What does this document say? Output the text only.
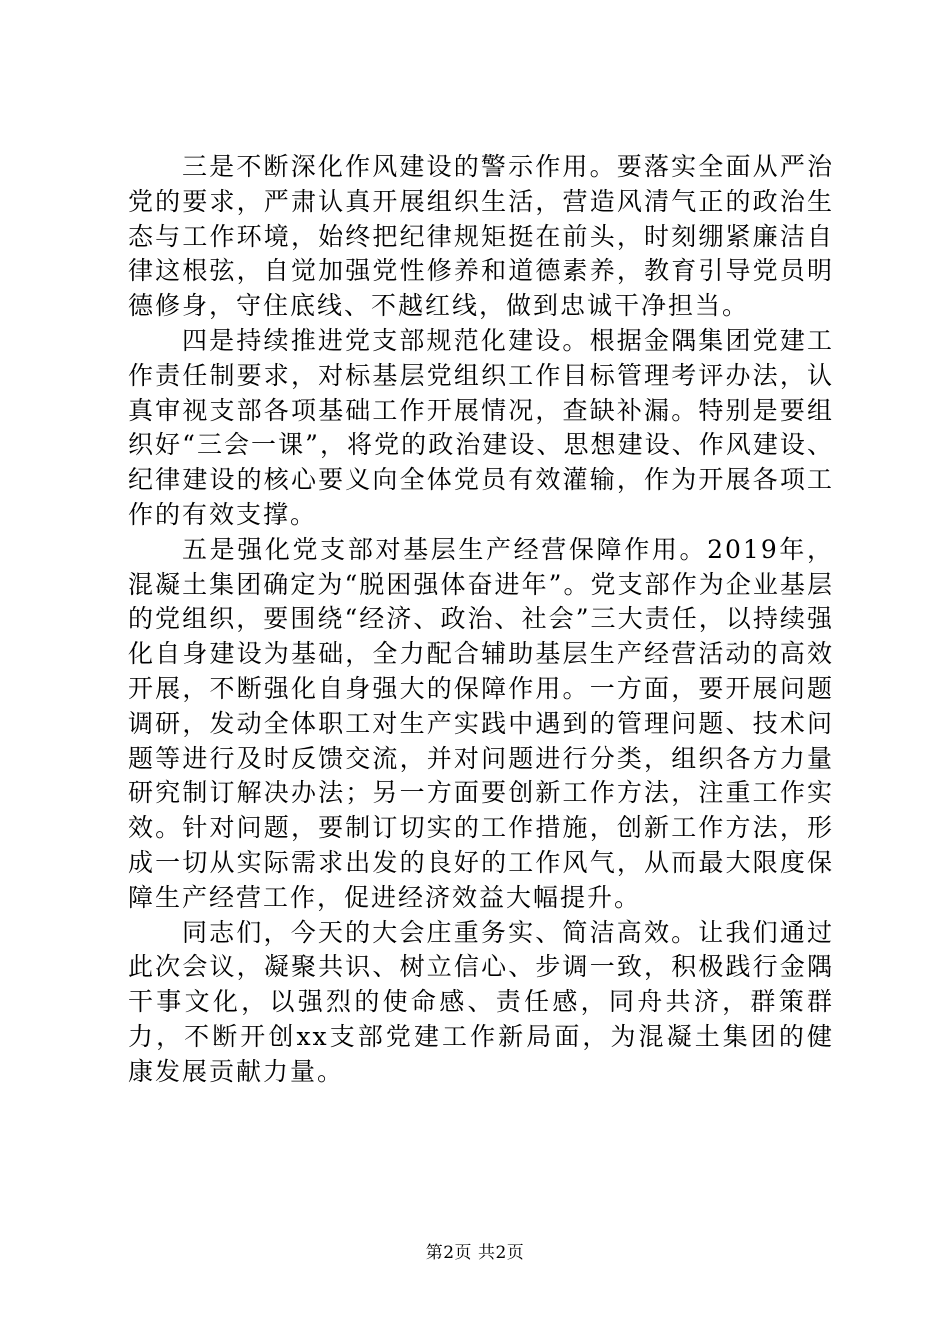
三是不断深化作风建设的警示作用。要落实全面从严治党的要求，严肃认真开展组织生活，营造风清气正的政治生态与工作环境，始终把纪律规矩挺在前头，时刻绷紧廉洁自律这根弦，自觉加强党性修养和道德素养，教育引导党员明德修身，守住底线、不越红线，做到忠诚干净担当。

四是持续推进党支部规范化建设。根据金隅集团党建工作责任制要求，对标基层党组织工作目标管理考评办法，认真审视支部各项基础工作开展情况，查缺补漏。特别是要组织好“三会一课”，将党的政治建设、思想建设、作风建设、纪律建设的核心要义向全体党员有效灌输，作为开展各项工作的有效支撑。

五是强化党支部对基层生产经营保障作用。2019年，混凝土集团确定为“脱困强体奋进年”。党支部作为企业基层的党组织，要围绕“经济、政治、社会”三大责任，以持续强化自身建设为基础，全力配合辅助基层生产经营活动的高效开展，不断强化自身强大的保障作用。一方面，要开展问题调研，发动全体职工对生产实践中遇到的管理问题、技术问题等进行及时反馈交流，并对问题进行分类，组织各方力量研究制订解决办法；另一方面要创新工作方法，注重工作实效。针对问题，要制订切实的工作措施，创新工作方法，形成一切从实际需求出发的良好的工作风气，从而最大限度保障生产经营工作，促进经济效益大幅提升。

同志们，今天的大会庄重务实、简洁高效。让我们通过此次会议，凝聚共识、树立信心、步调一致，积极践行金隅干事文化，以强烈的使命感、责任感，同舟共济，群策群力，不断开创xx支部党建工作新局面，为混凝土集团的健康发展贡献力量。

第2页 共2页
